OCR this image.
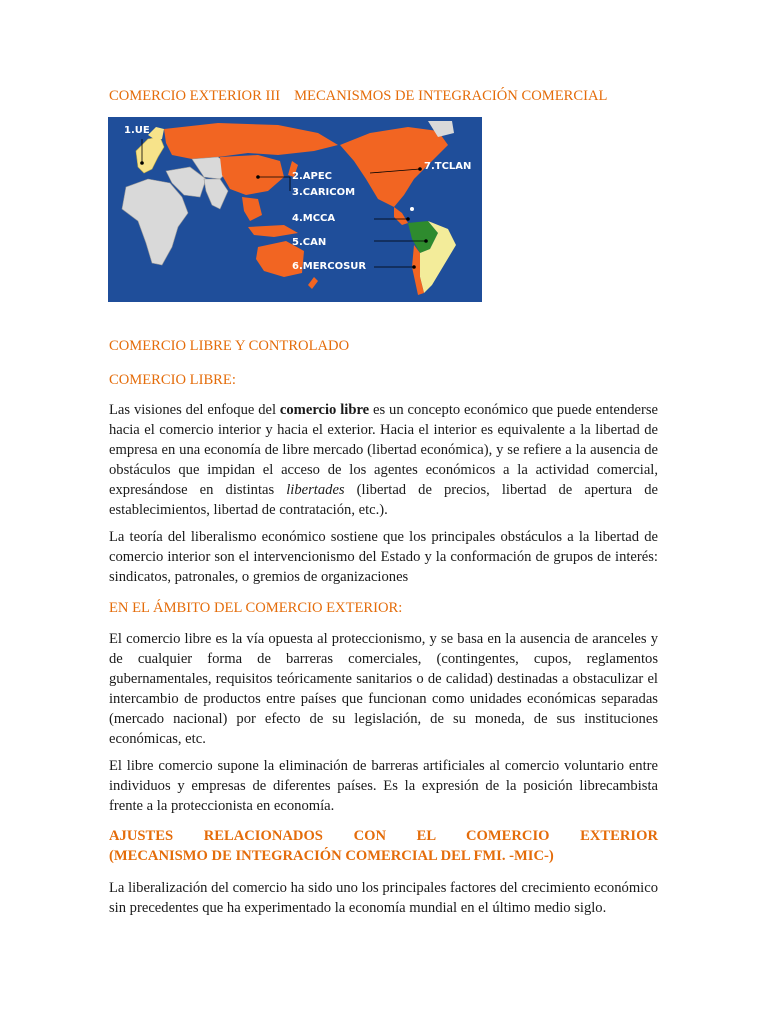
COMERCIO EXTERIOR III MECANISMOS DE INTEGRACIÓN COMERCIAL
1.UE
2.APEC
3.CARICOM
4.MCCA
5.CAN
6.MERCOSUR
7.TCLAN

COMERCIO LIBRE Y CONTROLADO

COMERCIO LIBRE:

Las visiones del enfoque del comercio libre es un concepto económico que puede entenderse hacia el comercio interior y hacia el exterior. Hacia el interior es equivalente a la libertad de empresa en una economía de libre mercado (libertad económica), y se refiere a la ausencia de obstáculos que impidan el acceso de los agentes económicos a la actividad comercial, expresándose en distintas libertades (libertad de precios, libertad de apertura de establecimientos, libertad de contratación, etc.).

La teoría del liberalismo económico sostiene que los principales obstáculos a la libertad de comercio interior son el intervencionismo del Estado y la conformación de grupos de interés: sindicatos, patronales, o gremios de organizaciones

EN EL ÁMBITO DEL COMERCIO EXTERIOR:

El comercio libre es la vía opuesta al proteccionismo, y se basa en la ausencia de aranceles y de cualquier forma de barreras comerciales, (contingentes, cupos, reglamentos gubernamentales, requisitos teóricamente sanitarios o de calidad) destinadas a obstaculizar el intercambio de productos entre países que funcionan como unidades económicas separadas (mercado nacional) por efecto de su legislación, de su moneda, de sus instituciones económicas, etc.

El libre comercio supone la eliminación de barreras artificiales al comercio voluntario entre individuos y empresas de diferentes países. Es la expresión de la posición librecambista frente a la proteccionista en economía.

AJUSTES RELACIONADOS CON EL COMERCIO EXTERIOR

(MECANISMO DE INTEGRACIÓN COMERCIAL DEL FMI. -MIC-)

La liberalización del comercio ha sido uno los principales factores del crecimiento económico sin precedentes que ha experimentado la economía mundial en el último medio siglo.
